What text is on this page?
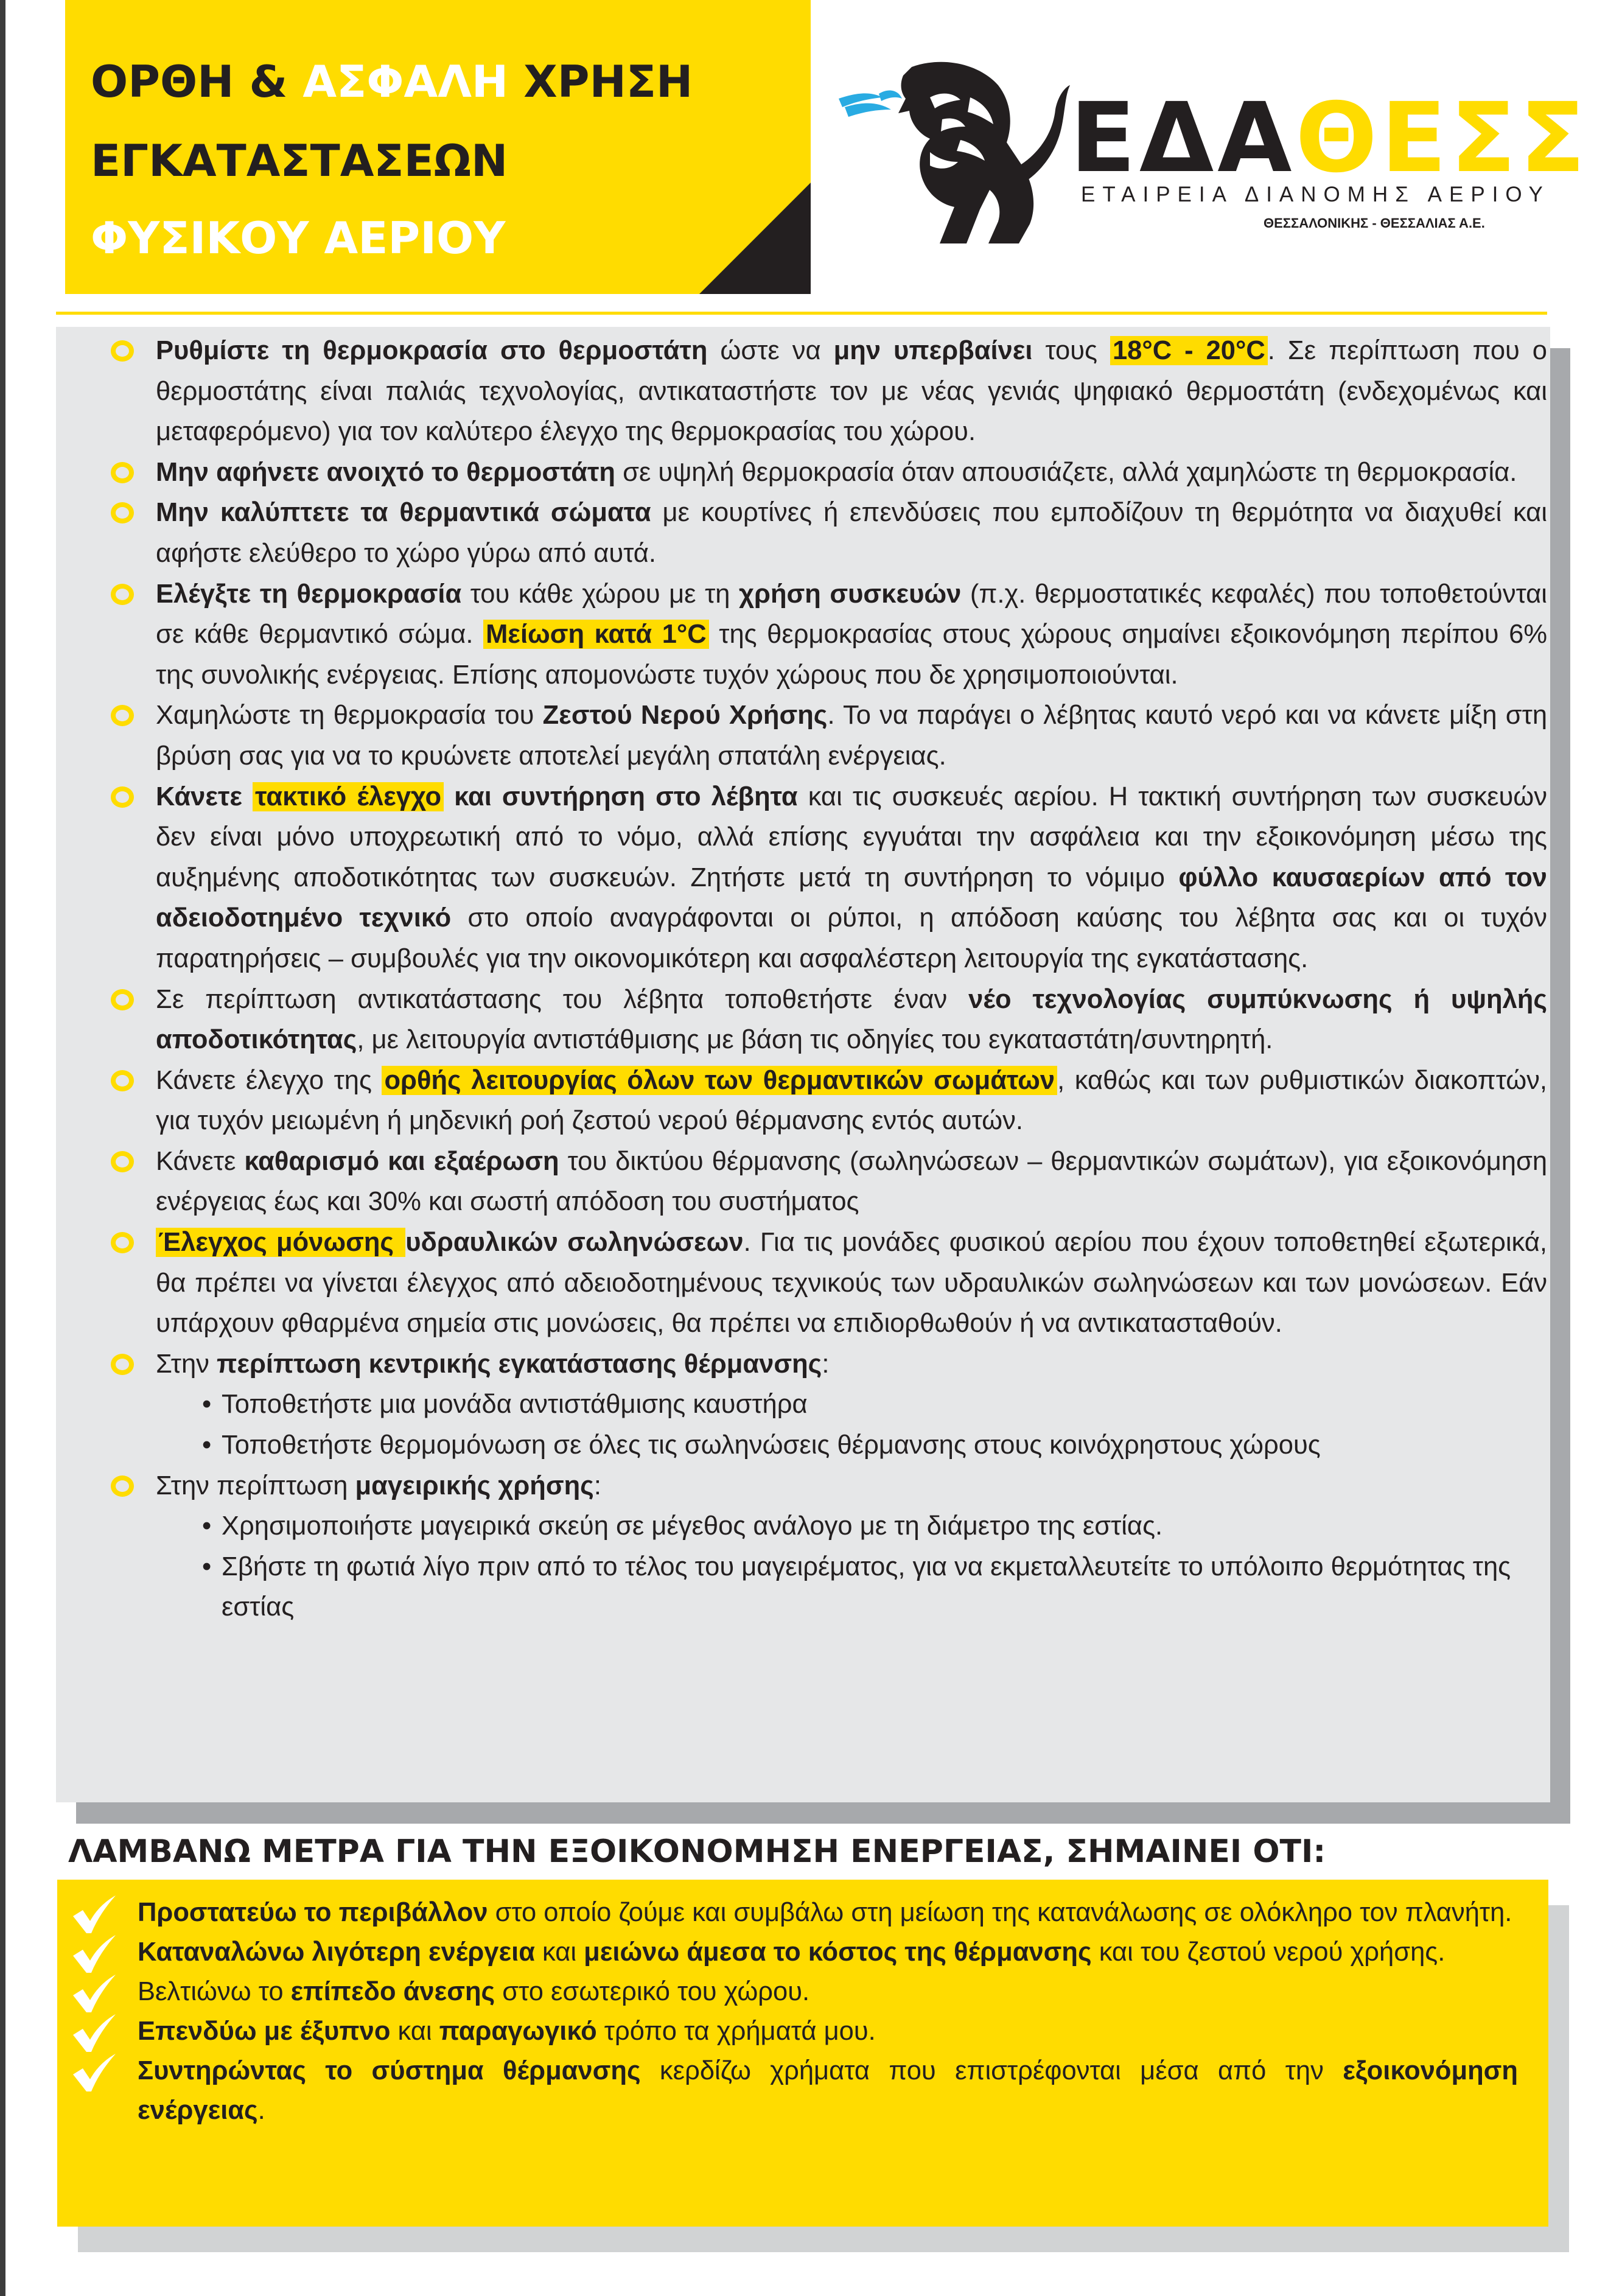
ΟΡΘΗ & ΑΣΦΑΛΗ ΧΡΗΣΗ
ΕΓΚΑΤΑΣΤΑΣΕΩΝ
ΦΥΣΙΚΟΥ ΑΕΡΙΟΥ
ΕΔΑΘΕΣΣ
ΕΤΑΙΡΕΙΑ ΔΙΑΝΟΜΗΣ ΑΕΡΙΟΥ
ΘΕΣΣΑΛΟΝΙΚΗΣ - ΘΕΣΣΑΛΙΑΣ Α.Ε.
Ρυθμίστε τη θερμοκρασία στο θερμοστάτη ώστε να μην υπερβαίνει τους 18°C - 20°C. Σε περίπτωση που ο θερμοστάτης είναι παλιάς τεχνολογίας, αντικαταστήστε τον με νέας γενιάς ψηφιακό θερμοστάτη (ενδεχομένως και μεταφερόμενο) για τον καλύτερο έλεγχο της θερμοκρασίας του χώρου.
Μην αφήνετε ανοιχτό το θερμοστάτη σε υψηλή θερμοκρασία όταν απουσιάζετε, αλλά χαμηλώστε τη θερμοκρασία.
Μην καλύπτετε τα θερμαντικά σώματα με κουρτίνες ή επενδύσεις που εμποδίζουν τη θερμότητα να διαχυθεί και αφήστε ελεύθερο το χώρο γύρω από αυτά.
Ελέγξτε τη θερμοκρασία του κάθε χώρου με τη χρήση συσκευών (π.χ. θερμοστατικές κεφαλές) που τοποθετούνται σε κάθε θερμαντικό σώμα. Μείωση κατά 1°C της θερμοκρασίας στους χώρους σημαίνει εξοικονόμηση περίπου 6% της συνολικής ενέργειας. Επίσης απομονώστε τυχόν χώρους που δε χρησιμοποιούνται.
Χαμηλώστε τη θερμοκρασία του Ζεστού Νερού Χρήσης. Το να παράγει ο λέβητας καυτό νερό και να κάνετε μίξη στη βρύση σας για να το κρυώνετε αποτελεί μεγάλη σπατάλη ενέργειας.
Κάνετε τακτικό έλεγχο και συντήρηση στο λέβητα και τις συσκευές αερίου. Η τακτική συντήρηση των συσκευών δεν είναι μόνο υποχρεωτική από το νόμο, αλλά επίσης εγγυάται την ασφάλεια και την εξοικονόμηση μέσω της αυξημένης αποδοτικότητας των συσκευών. Ζητήστε μετά τη συντήρηση το νόμιμο φύλλο καυσαερίων από τον αδειοδοτημένο τεχνικό στο οποίο αναγράφονται οι ρύποι, η απόδοση καύσης του λέβητα σας και οι τυχόν παρατηρήσεις – συμβουλές για την οικονομικότερη και ασφαλέστερη λειτουργία της εγκατάστασης.
Σε περίπτωση αντικατάστασης του λέβητα τοποθετήστε έναν νέο τεχνολογίας συμπύκνωσης ή υψηλής αποδοτικότητας, με λειτουργία αντιστάθμισης με βάση τις οδηγίες του εγκαταστάτη/συντηρητή.
Κάνετε έλεγχο της ορθής λειτουργίας όλων των θερμαντικών σωμάτων, καθώς και των ρυθμιστικών διακοπτών, για τυχόν μειωμένη ή μηδενική ροή ζεστού νερού θέρμανσης εντός αυτών.
Κάνετε καθαρισμό και εξαέρωση του δικτύου θέρμανσης (σωληνώσεων – θερμαντικών σωμάτων), για εξοικονόμηση ενέργειας έως και 30% και σωστή απόδοση του συστήματος
Έλεγχος μόνωσης υδραυλικών σωληνώσεων. Για τις μονάδες φυσικού αερίου που έχουν τοποθετηθεί εξωτερικά, θα πρέπει να γίνεται έλεγχος από αδειοδοτημένους τεχνικούς των υδραυλικών σωληνώσεων και των μονώσεων. Εάν υπάρχουν φθαρμένα σημεία στις μονώσεις, θα πρέπει να επιδιορθωθούν ή να αντικατασταθούν.
Στην περίπτωση κεντρικής εγκατάστασης θέρμανσης:
• Τοποθετήστε μια μονάδα αντιστάθμισης καυστήρα
• Τοποθετήστε θερμομόνωση σε όλες τις σωληνώσεις θέρμανσης στους κοινόχρηστους χώρους
Στην περίπτωση μαγειρικής χρήσης:
• Χρησιμοποιήστε μαγειρικά σκεύη σε μέγεθος ανάλογο με τη διάμετρο της εστίας.
• Σβήστε τη φωτιά λίγο πριν από το τέλος του μαγειρέματος, για να εκμεταλλευτείτε το υπόλοιπο θερμότητας της εστίας
ΛΑΜΒΑΝΩ ΜΕΤΡΑ ΓΙΑ ΤΗΝ ΕΞΟΙΚΟΝΟΜΗΣΗ ΕΝΕΡΓΕΙΑΣ, ΣΗΜΑΙΝΕΙ ΟΤΙ:
Προστατεύω το περιβάλλον στο οποίο ζούμε και συμβάλω στη μείωση της κατανάλωσης σε ολόκληρο τον πλανήτη.
Καταναλώνω λιγότερη ενέργεια και μειώνω άμεσα το κόστος της θέρμανσης και του ζεστού νερού χρήσης.
Βελτιώνω το επίπεδο άνεσης στο εσωτερικό του χώρου.
Επενδύω με έξυπνο και παραγωγικό τρόπο τα χρήματά μου.
Συντηρώντας το σύστημα θέρμανσης κερδίζω χρήματα που επιστρέφονται μέσα από την εξοικονόμηση ενέργειας.
